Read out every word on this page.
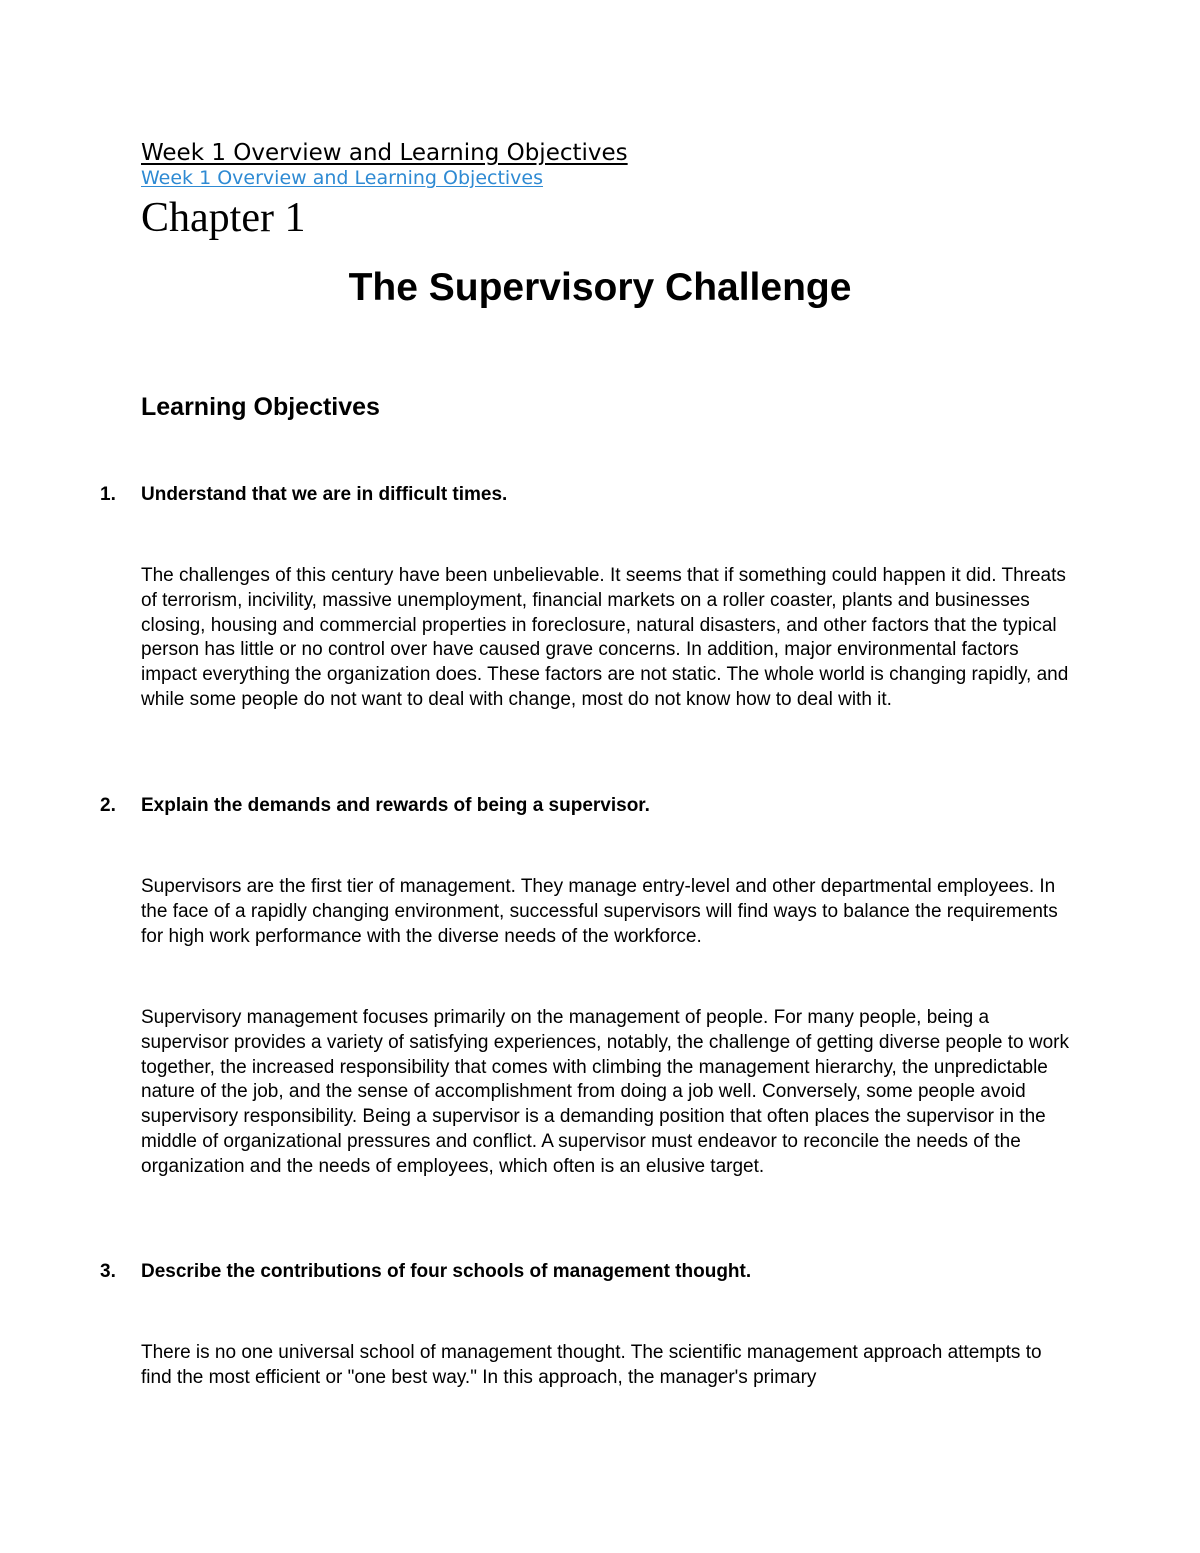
Week 1 Overview and Learning Objectives
Week 1 Overview and Learning Objectives
Chapter 1
The Supervisory Challenge
Learning Objectives
1. Understand that we are in difficult times.

The challenges of this century have been unbelievable. It seems that if something could happen it did. Threats of terrorism, incivility, massive unemployment, financial markets on a roller coaster, plants and businesses closing, housing and commercial properties in foreclosure, natural disasters, and other factors that the typical person has little or no control over have caused grave concerns. In addition, major environmental factors impact everything the organization does. These factors are not static. The whole world is changing rapidly, and while some people do not want to deal with change, most do not know how to deal with it.

2. Explain the demands and rewards of being a supervisor.

Supervisors are the first tier of management. They manage entry-level and other departmental employees. In the face of a rapidly changing environment, successful supervisors will find ways to balance the requirements for high work performance with the diverse needs of the workforce.

Supervisory management focuses primarily on the management of people. For many people, being a supervisor provides a variety of satisfying experiences, notably, the challenge of getting diverse people to work together, the increased responsibility that comes with climbing the management hierarchy, the unpredictable nature of the job, and the sense of accomplishment from doing a job well. Conversely, some people avoid supervisory responsibility. Being a supervisor is a demanding position that often places the supervisor in the middle of organizational pressures and conflict. A supervisor must endeavor to reconcile the needs of the organization and the needs of employees, which often is an elusive target.

3. Describe the contributions of four schools of management thought.

There is no one universal school of management thought. The scientific management approach attempts to find the most efficient or "one best way." In this approach, the manager's primary
